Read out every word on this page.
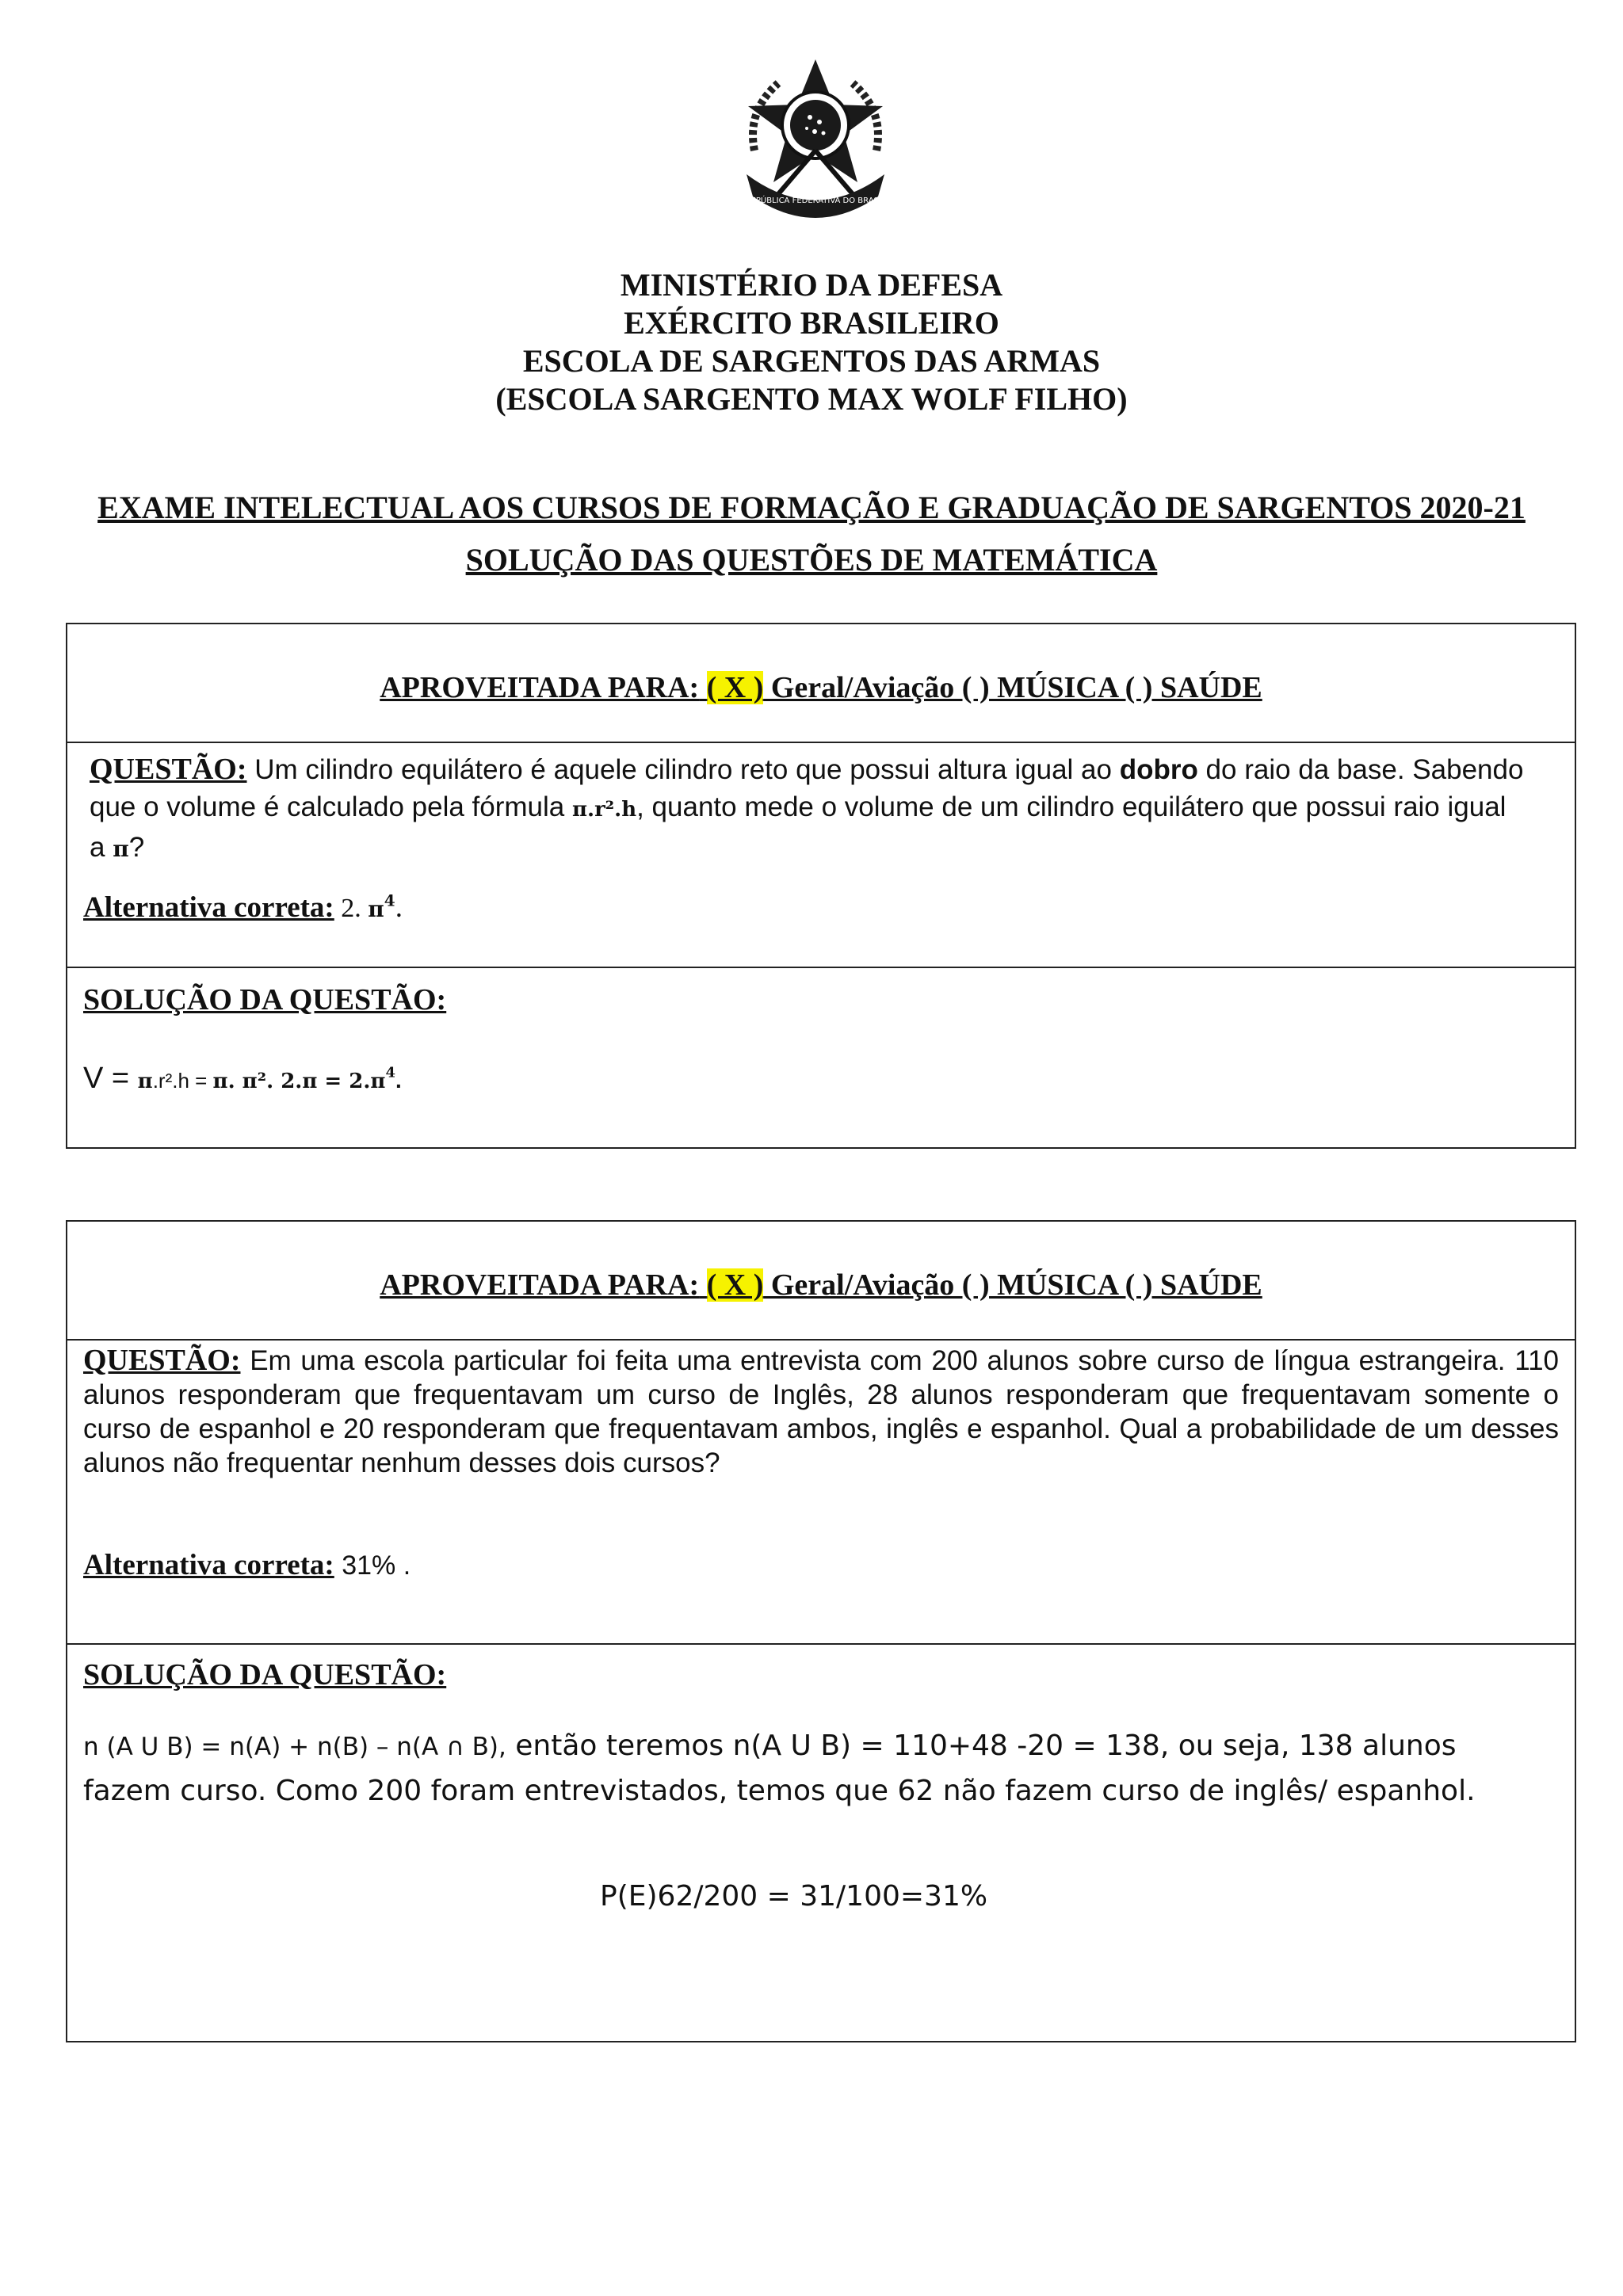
REPÚBLICA FEDERATIVA DO BRASIL
MINISTÉRIO DA DEFESA
EXÉRCITO BRASILEIRO
ESCOLA DE SARGENTOS DAS ARMAS
(ESCOLA SARGENTO MAX WOLF FILHO)
EXAME INTELECTUAL AOS CURSOS DE FORMAÇÃO E GRADUAÇÃO DE SARGENTOS 2020-21
SOLUÇÃO DAS QUESTÕES DE MATEMÁTICA
APROVEITADA PARA: ( X ) Geral/Aviação ( ) MÚSICA ( ) SAÚDE
QUESTÃO: Um cilindro equilátero é aquele cilindro reto que possui altura igual ao dobro do raio da base. Sabendo que o volume é calculado pela fórmula π.r².h, quanto mede o volume de um cilindro equilátero que possui raio igual a π?
Alternativa correta: 2. $\pi^4$.
SOLUÇÃO DA QUESTÃO:
V = π.r².h = π. π². $2.\pi = 2.\pi^4$.
APROVEITADA PARA: ( X ) Geral/Aviação ( ) MÚSICA ( ) SAÚDE
QUESTÃO: Em uma escola particular foi feita uma entrevista com 200 alunos sobre curso de língua estrangeira. 110 alunos responderam que frequentavam um curso de Inglês, 28 alunos responderam que frequentavam somente o curso de espanhol e 20 responderam que frequentavam ambos, inglês e espanhol. Qual a probabilidade de um desses alunos não frequentar nenhum desses dois cursos?
Alternativa correta: 31% .
SOLUÇÃO DA QUESTÃO:
n (A U B) = n(A) + n(B) – n(A ∩ B), então teremos n(A U B) = 110+48 -20 = 138, ou seja, 138 alunos fazem curso. Como 200 foram entrevistados, temos que 62 não fazem curso de inglês/ espanhol.
P(E)62/200 = 31/100=31%
